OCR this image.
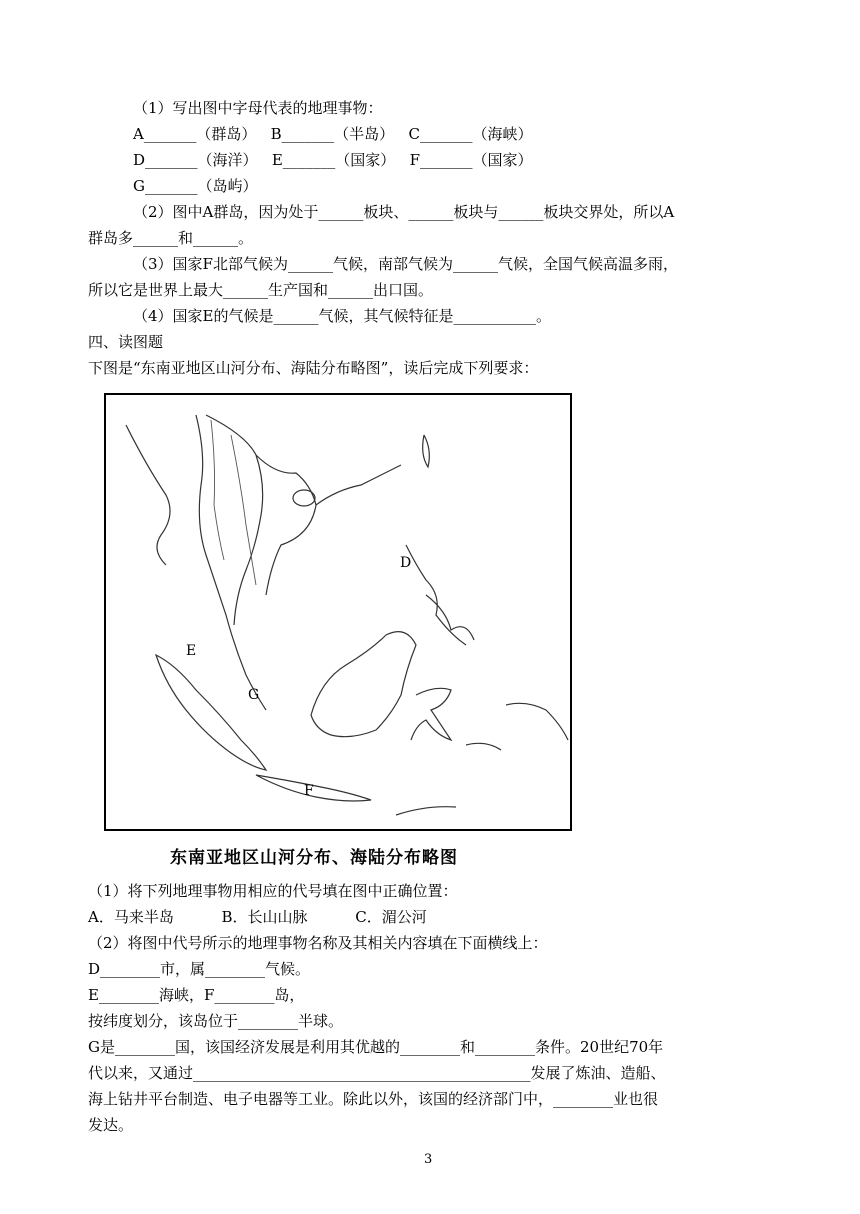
（1）写出图中字母代表的地理事物：
A_______（群岛）   B_______（半岛）   C_______（海峡）
D_______（海洋）   E_______（国家）   F_______（国家）
G_______（岛屿）
（2）图中A群岛，因为处于______板块、______板块与______板块交界处，所以A
群岛多______和______。
（3）国家F北部气候为______气候，南部气候为______气候，全国气候高温多雨，
所以它是世界上最大______生产国和______出口国。
（4）国家E的气候是______气候，其气候特征是___________。
四、读图题
下图是“东南亚地区山河分布、海陆分布略图”，读后完成下列要求：
D
E
G
F
东南亚地区山河分布、海陆分布略图
（1）将下列地理事物用相应的代号填在图中正确位置：
A．马来半岛          B．长山山脉          C．湄公河
（2）将图中代号所示的地理事物名称及其相关内容填在下面横线上：
D________市，属________气候。
E________海峡，F________岛，
按纬度划分，该岛位于________半球。
G是________国，该国经济发展是利用其优越的________和________条件。20世纪70年
代以来，又通过_____________________________________________发展了炼油、造船、
海上钻井平台制造、电子电器等工业。除此以外，该国的经济部门中，________业也很
发达。
3
